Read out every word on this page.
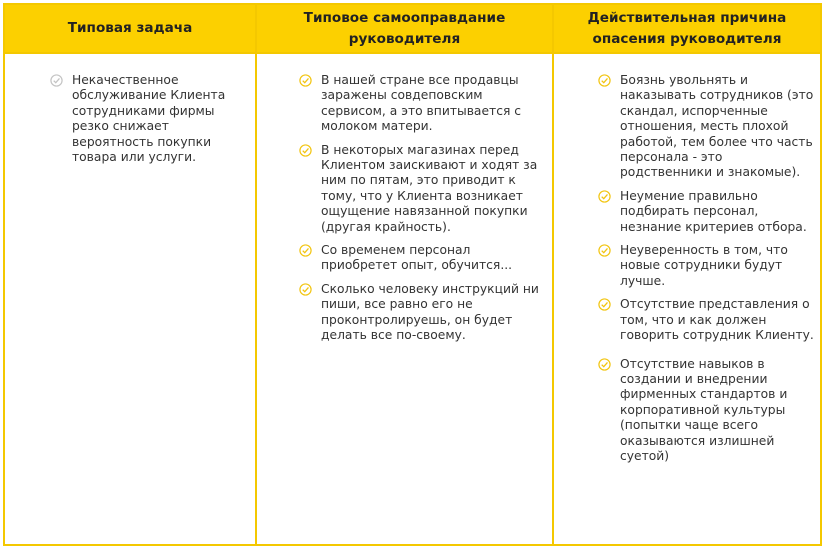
Типовая задача
Некачественное обслуживание Клиента сотрудниками фирмы резко снижает вероятность покупки товара или услуги.
Типовое самооправдание руководителя
В нашей стране все продавцы заражены совдеповским сервисом, а это впитывается с молоком матери.
В некоторых магазинах перед Клиентом заискивают и ходят за ним по пятам, это приводит к тому, что у Клиента возникает ощущение навязанной покупки (другая крайность).
Со временем персонал приобретет опыт, обучится...
Сколько человеку инструкций ни пиши, все равно его не проконтролируешь, он будет делать все по-своему.
Действительная причина опасения руководителя
Боязнь увольнять и наказывать сотрудников (это скандал, испорченные отношения, месть плохой работой, тем более что часть персонала - это родственники и знакомые).
Неумение правильно подбирать персонал, незнание критериев отбора.
Неуверенность в том, что новые сотрудники будут лучше.
Отсутствие представления о том, что и как должен говорить сотрудник Клиенту.
Отсутствие навыков в создании и внедрении фирменных стандартов и корпоративной культуры (попытки чаще всего оказываются излишней суетой)
